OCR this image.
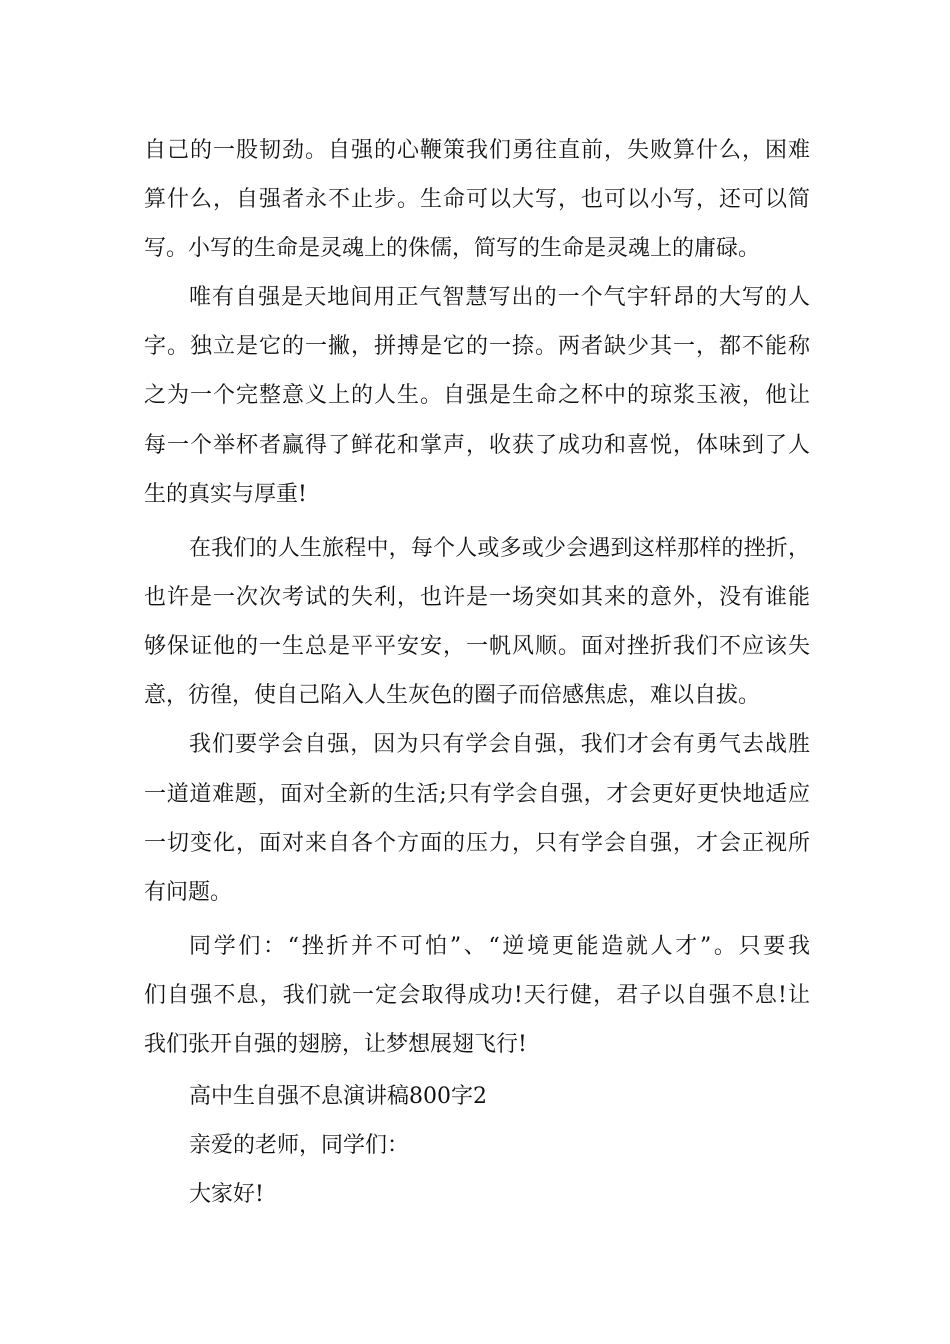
自己的一股韧劲。自强的心鞭策我们勇往直前，失败算什么，困难
算什么，自强者永不止步。生命可以大写，也可以小写，还可以简
写。小写的生命是灵魂上的侏儒，简写的生命是灵魂上的庸碌。
唯有自强是天地间用正气智慧写出的一个气宇轩昂的大写的人
字。独立是它的一撇，拼搏是它的一捺。两者缺少其一，都不能称
之为一个完整意义上的人生。自强是生命之杯中的琼浆玉液，他让
每一个举杯者赢得了鲜花和掌声，收获了成功和喜悦，体味到了人
生的真实与厚重!
在我们的人生旅程中，每个人或多或少会遇到这样那样的挫折，
也许是一次次考试的失利，也许是一场突如其来的意外，没有谁能
够保证他的一生总是平平安安，一帆风顺。面对挫折我们不应该失
意，彷徨，使自己陷入人生灰色的圈子而倍感焦虑，难以自拔。
我们要学会自强，因为只有学会自强，我们才会有勇气去战胜
一道道难题，面对全新的生活;只有学会自强，才会更好更快地适应
一切变化，面对来自各个方面的压力，只有学会自强，才会正视所
有问题。
同学们：“挫折并不可怕”、“逆境更能造就人才”。只要我
们自强不息，我们就一定会取得成功!天行健，君子以自强不息!让
我们张开自强的翅膀，让梦想展翅飞行!
高中生自强不息演讲稿800字2
亲爱的老师，同学们：
大家好!
